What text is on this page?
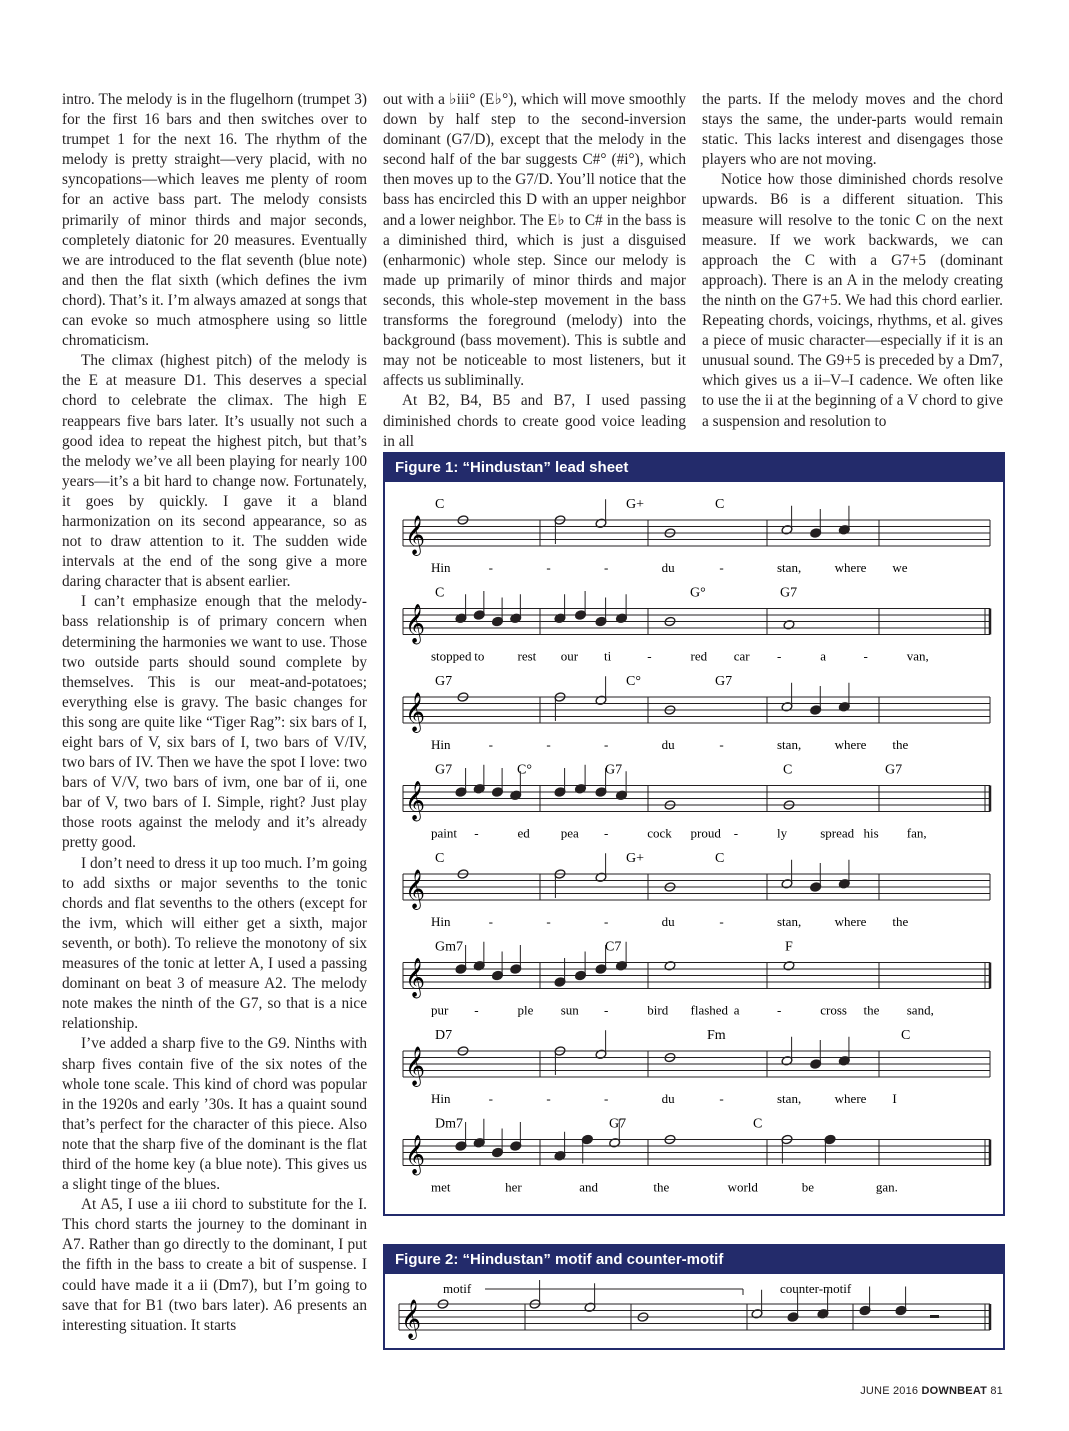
intro. The melody is in the flugelhorn (trumpet 3) for the first 16 bars and then switches over to trumpet 1 for the next 16. The rhythm of the melody is pretty straight—very placid, with no syncopations—which leaves me plenty of room for an active bass part. The melody consists primarily of minor thirds and major seconds, completely diatonic for 20 measures. Eventually we are introduced to the flat seventh (blue note) and then the flat sixth (which defines the ivm chord). That’s it. I’m always amazed at songs that can evoke so much atmosphere using so little chromaticism.

The climax (highest pitch) of the melody is the E at measure D1. This deserves a special chord to celebrate the climax. The high E reappears five bars later. It’s usually not such a good idea to repeat the highest pitch, but that’s the melody we’ve all been playing for nearly 100 years—it’s a bit hard to change now. Fortunately, it goes by quickly. I gave it a bland harmonization on its second appearance, so as not to draw attention to it. The sudden wide intervals at the end of the song give a more daring character that is absent earlier.

I can’t emphasize enough that the melody-bass relationship is of primary concern when determining the harmonies we want to use. Those two outside parts should sound complete by themselves. This is our meat-and-potatoes; everything else is gravy. The basic changes for this song are quite like “Tiger Rag”: six bars of I, eight bars of V, six bars of I, two bars of V/IV, two bars of IV. Then we have the spot I love: two bars of V/V, two bars of ivm, one bar of ii, one bar of V, two bars of I. Simple, right? Just play those roots against the melody and it’s already pretty good.

I don’t need to dress it up too much. I’m going to add sixths or major sevenths to the tonic chords and flat sevenths to the others (except for the ivm, which will either get a sixth, major seventh, or both). To relieve the monotony of six measures of the tonic at letter A, I used a passing dominant on beat 3 of measure A2. The melody note makes the ninth of the G7, so that is a nice relationship.

I’ve added a sharp five to the G9. Ninths with sharp fives contain five of the six notes of the whole tone scale. This kind of chord was popular in the 1920s and early ’30s. It has a quaint sound that’s perfect for the character of this piece. Also note that the sharp five of the dominant is the flat third of the home key (a blue note). This gives us a slight tinge of the blues.

At A5, I use a iii chord to substitute for the I. This chord starts the journey to the dominant in A7. Rather than go directly to the dominant, I put the fifth in the bass to create a bit of suspense. I could have made it a ii (Dm7), but I’m going to save that for B1 (two bars later). A6 presents an interesting situation. It starts

out with a ♭iii° (E♭°), which will move smoothly down by half step to the second-inversion dominant (G7/D), except that the melody in the second half of the bar suggests C#° (#i°), which then moves up to the G7/D. You’ll notice that the bass has encircled this D with an upper neighbor and a lower neighbor. The E♭ to C# in the bass is a diminished third, which is just a disguised (enharmonic) whole step. Since our melody is made up primarily of minor thirds and major seconds, this whole-step movement in the bass transforms the foreground (melody) into the background (bass movement). This is subtle and may not be noticeable to most listeners, but it affects us subliminally.

At B2, B4, B5 and B7, I used passing diminished chords to create good voice leading in all

the parts. If the melody moves and the chord stays the same, the under-parts would remain static. This lacks interest and disengages those players who are not moving.

Notice how those diminished chords resolve upwards. B6 is a different situation. This measure will resolve to the tonic C on the next measure. If we work backwards, we can approach the C with a G7+5 (dominant approach). There is an A in the melody creating the ninth on the G7+5. We had this chord earlier. Repeating chords, voicings, rhythms, et al. gives a piece of music character—especially if it is an unusual sound. The G9+5 is preceded by a Dm7, which gives us a ii–V–I cadence. We often like to use the ii at the beginning of a V chord to give a suspension and resolution to

Figure 1: “Hindustan” lead sheet
𝄞
C	G+	C
Hin	-	-	-	du	-	stan,	where we
𝄞
C	G°	G7
stopped to	rest our ti	-	red car -	a	-	van,
𝄞
G7	C°	G7
Hin	-	-	-	du	-	stan,	where the
𝄞
G7	C°	G7	C	G7
paint -	ed pea -	cock proud -	ly	spread his fan,
𝄞
C	G+	C
Hin	-	-	-	du	-	stan,	where the
𝄞
Gm7	C7	F
pur -	ple sun -	bird flashed a	-	cross the sand,
𝄞
D7	Fm	C
Hin	-	-	-	du	-	stan,	where I
𝄞
Dm7	G7	C
met	her	and	the	world	be	gan.
Figure 2: “Hindustan” motif and counter-motif
𝄞
motif	counter-motif
JUNE 2016 DOWNBEAT 81
